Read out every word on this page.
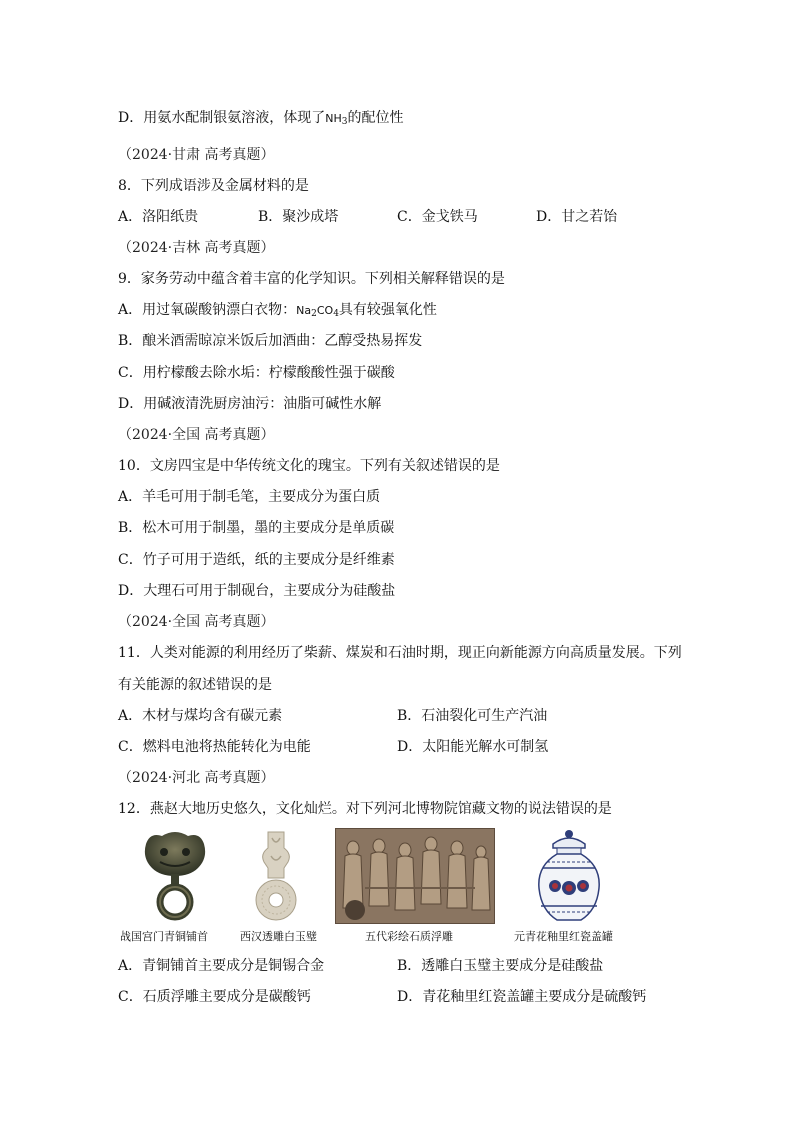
D．用氨水配制银氨溶液，体现了$NH_3$的配位性
（2024·甘肃 高考真题）
8．下列成语涉及金属材料的是
A．洛阳纸贵	B．聚沙成塔	C．金戈铁马	D．甘之若饴
（2024·吉林 高考真题）
9．家务劳动中蕴含着丰富的化学知识。下列相关解释错误的是
A．用过氧碳酸钠漂白衣物：$Na_2CO_4$具有较强氧化性
B．酿米酒需晾凉米饭后加酒曲：乙醇受热易挥发
C．用柠檬酸去除水垢：柠檬酸酸性强于碳酸
D．用碱液清洗厨房油污：油脂可碱性水解
（2024·全国 高考真题）
10．文房四宝是中华传统文化的瑰宝。下列有关叙述错误的是
A．羊毛可用于制毛笔，主要成分为蛋白质
B．松木可用于制墨，墨的主要成分是单质碳
C．竹子可用于造纸，纸的主要成分是纤维素
D．大理石可用于制砚台，主要成分为硅酸盐
（2024·全国 高考真题）
11．人类对能源的利用经历了柴薪、煤炭和石油时期，现正向新能源方向高质量发展。下列
有关能源的叙述错误的是
A．木材与煤均含有碳元素	B．石油裂化可生产汽油
C．燃料电池将热能转化为电能	D．太阳能光解水可制氢
（2024·河北 高考真题）
12．燕赵大地历史悠久，文化灿烂。对下列河北博物院馆藏文物的说法错误的是
战国宫门青铜铺首	西汉透雕白玉璧	五代彩绘石质浮雕	元青花釉里红瓷盖罐
A．青铜铺首主要成分是铜锡合金	B．透雕白玉璧主要成分是硅酸盐
C．石质浮雕主要成分是碳酸钙	D．青花釉里红瓷盖罐主要成分是硫酸钙
